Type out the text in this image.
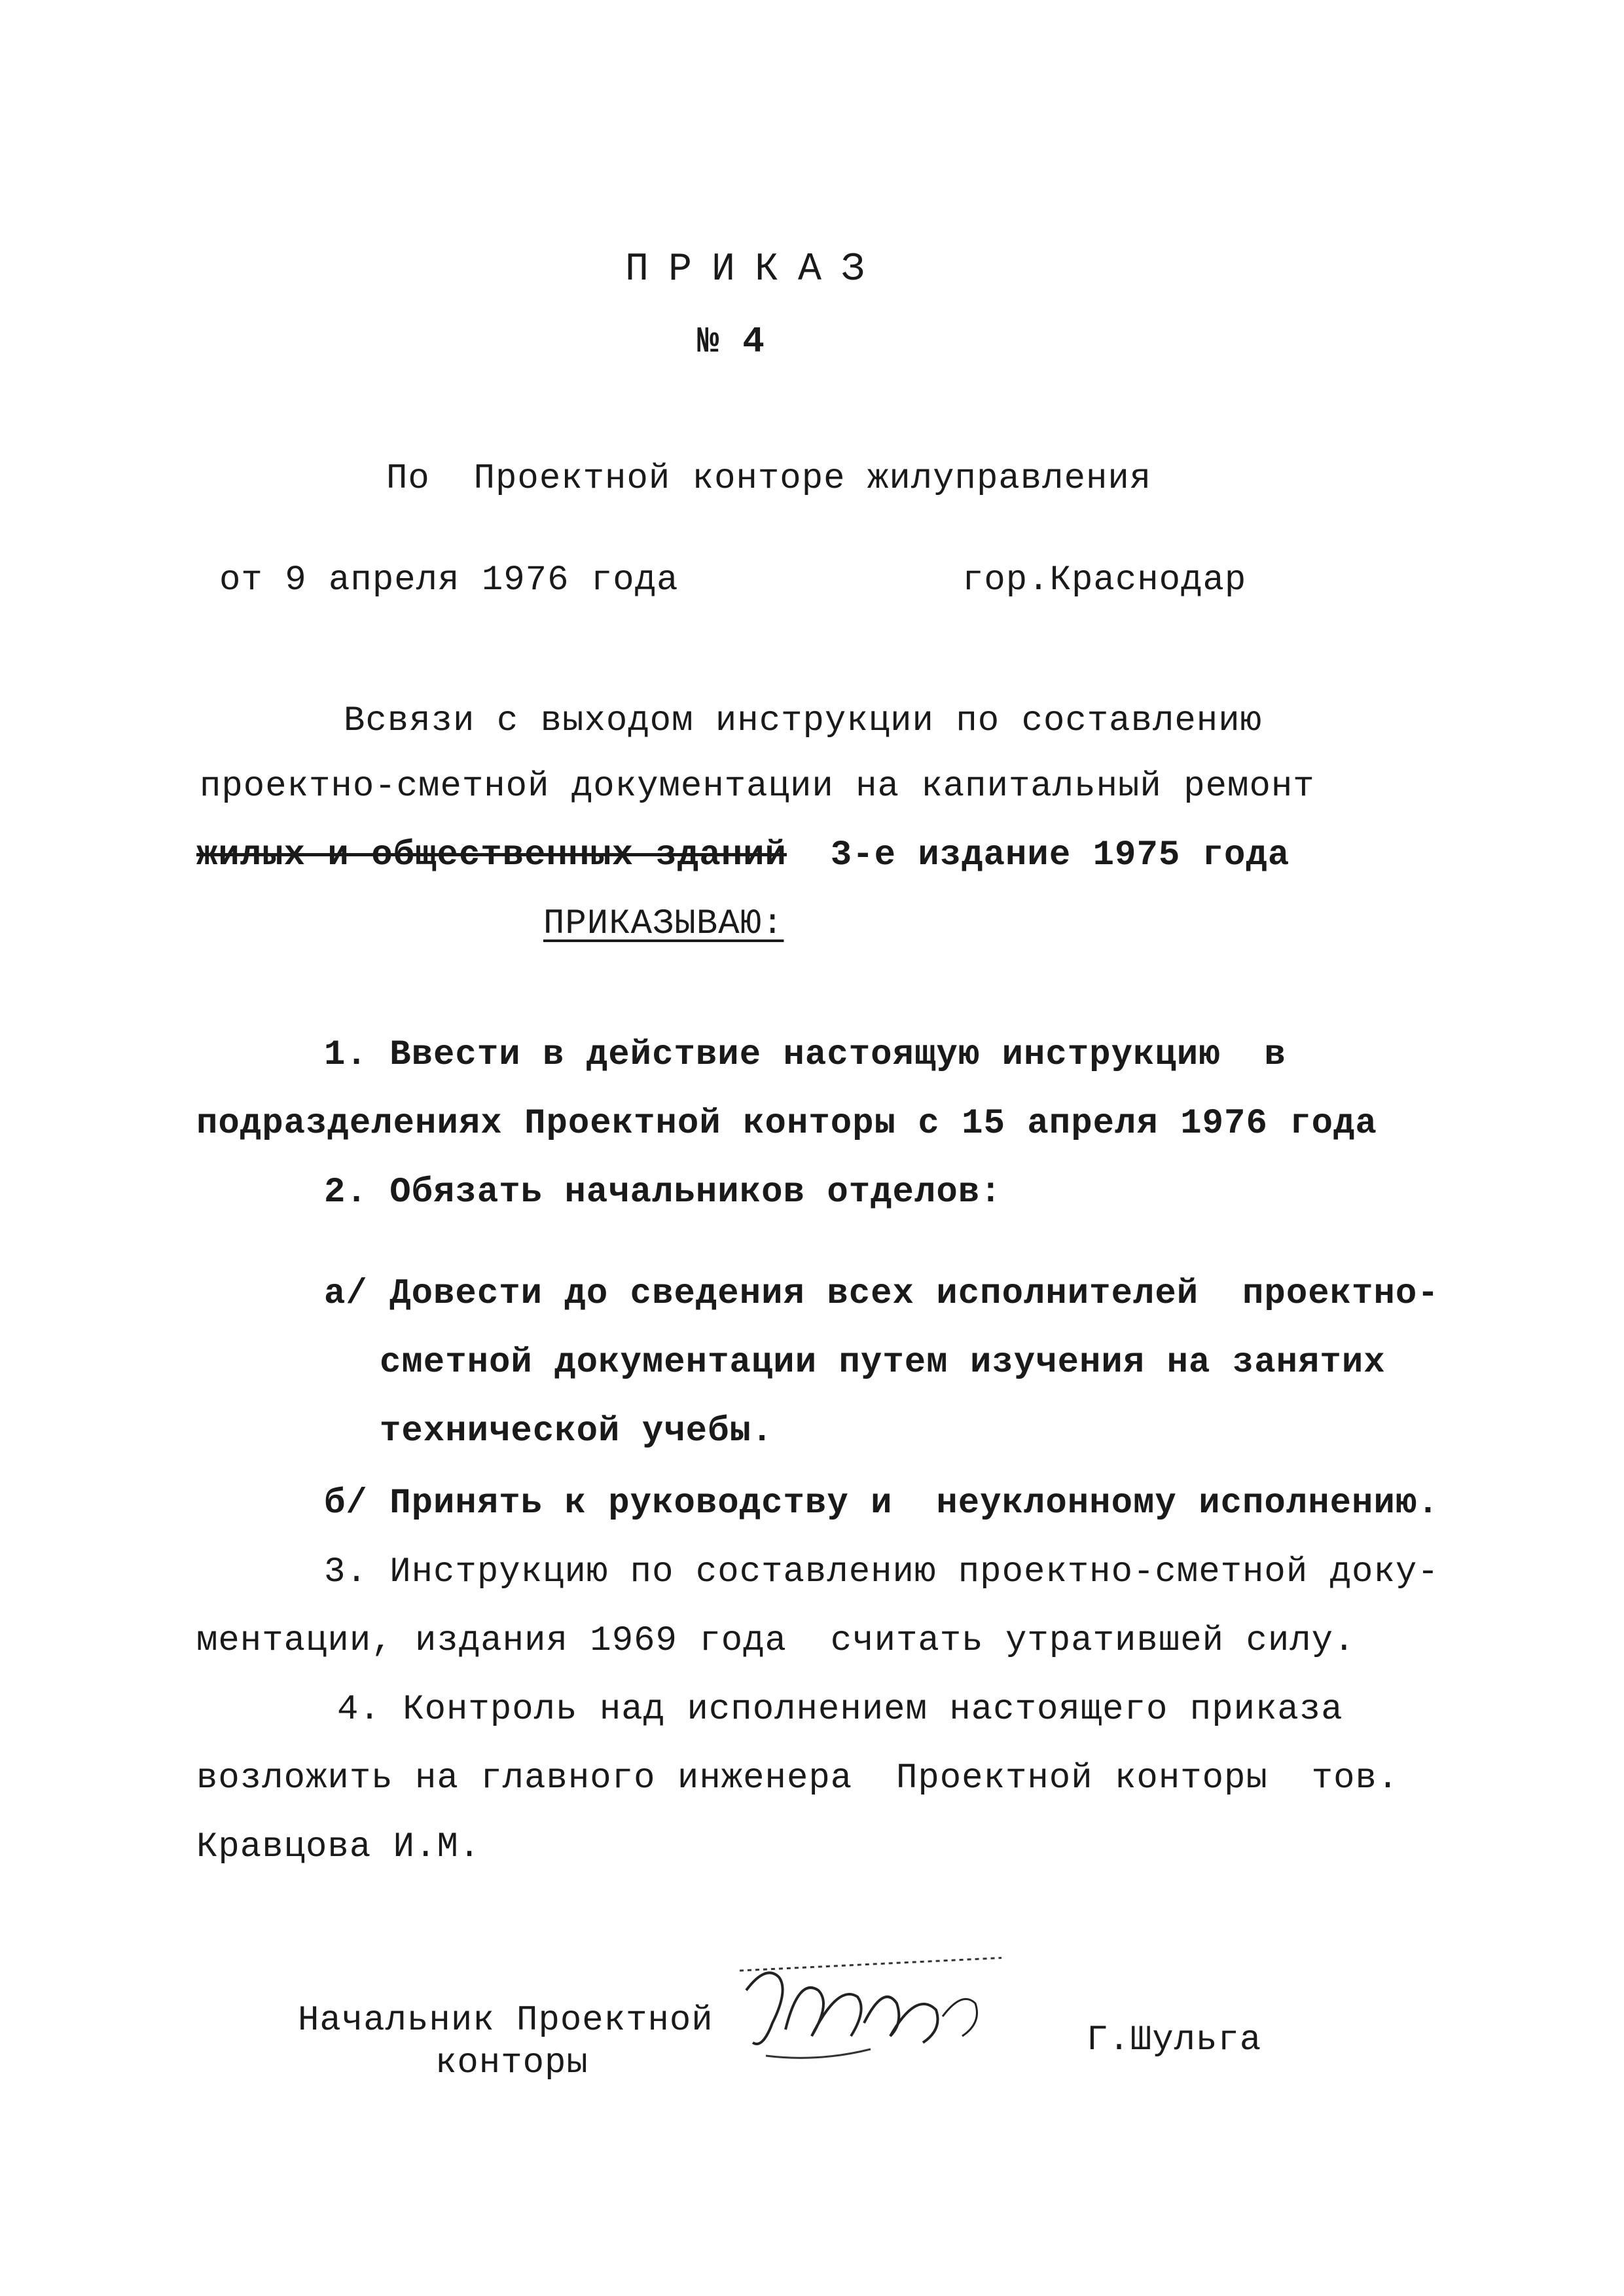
ПРИКАЗ
№ 4
По  Проектной конторе жилуправления
от 9 апреля 1976 года	гор.Краснодар
Всвязи с выходом инструкции по составлению
проектно-сметной документации на капитальный ремонт
жилых и общественных зданий  3-е издание 1975 года
ПРИКАЗЫВАЮ:
1. Ввести в действие настоящую инструкцию  в
подразделениях Проектной конторы с 15 апреля 1976 года
2. Обязать начальников отделов:
а/ Довести до сведения всех исполнителей  проектно-
сметной документации путем изучения на занятих
технической учебы.
б/ Принять к руководству и  неуклонному исполнению.
3. Инструкцию по составлению проектно-сметной доку-
ментации, издания 1969 года  считать утратившей силу.
4. Контроль над исполнением настоящего приказа
возложить на главного инженера  Проектной конторы  тов.
Кравцова И.М.
Начальник Проектной
конторы
Г.Шульга
